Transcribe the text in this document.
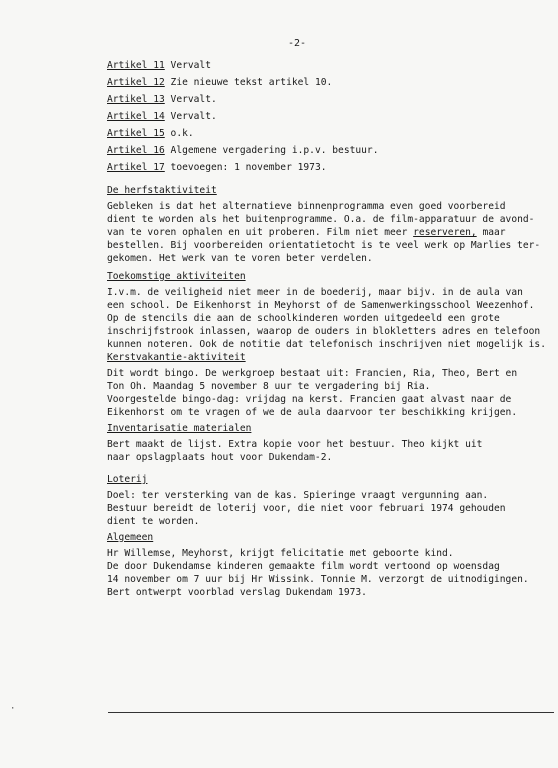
-2-
Artikel 11 Vervalt
Artikel 12 Zie nieuwe tekst artikel 10.
Artikel 13 Vervalt.
Artikel 14 Vervalt.
Artikel 15 o.k.
Artikel 16 Algemene vergadering i.p.v. bestuur.
Artikel 17 toevoegen: 1 november 1973.
De herfstaktiviteit
Gebleken is dat het alternatieve binnenprogramma even goed voorbereid
dient te worden als het buitenprogramme. O.a. de film-apparatuur de avond-
van te voren ophalen en uit proberen. Film niet meer reserveren, maar
bestellen. Bij voorbereiden orientatietocht is te veel werk op Marlies ter-
gekomen. Het werk van te voren beter verdelen.
Toekomstige aktiviteiten
I.v.m. de veiligheid niet meer in de boederij, maar bijv. in de aula van
een school. De Eikenhorst in Meyhorst of de Samenwerkingsschool Weezenhof.
Op de stencils die aan de schoolkinderen worden uitgedeeld een grote
inschrijfstrook inlassen, waarop de ouders in blokletters adres en telefoon
kunnen noteren. Ook de notitie dat telefonisch inschrijven niet mogelijk is.
Kerstvakantie-aktiviteit
Dit wordt bingo. De werkgroep bestaat uit: Francien, Ria, Theo, Bert en
Ton Oh. Maandag 5 november 8 uur te vergadering bij Ria.
Voorgestelde bingo-dag: vrijdag na kerst. Francien gaat alvast naar de
Eikenhorst om te vragen of we de aula daarvoor ter beschikking krijgen.
Inventarisatie materialen
Bert maakt de lijst. Extra kopie voor het bestuur. Theo kijkt uit
naar opslagplaats hout voor Dukendam-2.
Loterij
Doel: ter versterking van de kas. Spieringe vraagt vergunning aan.
Bestuur bereidt de loterij voor, die niet voor februari 1974 gehouden
dient te worden.
Algemeen
Hr Willemse, Meyhorst, krijgt felicitatie met geboorte kind.
De door Dukendamse kinderen gemaakte film wordt vertoond op woensdag
14 november om 7 uur bij Hr Wissink. Tonnie M. verzorgt de uitnodigingen.
Bert ontwerpt voorblad verslag Dukendam 1973.
·
